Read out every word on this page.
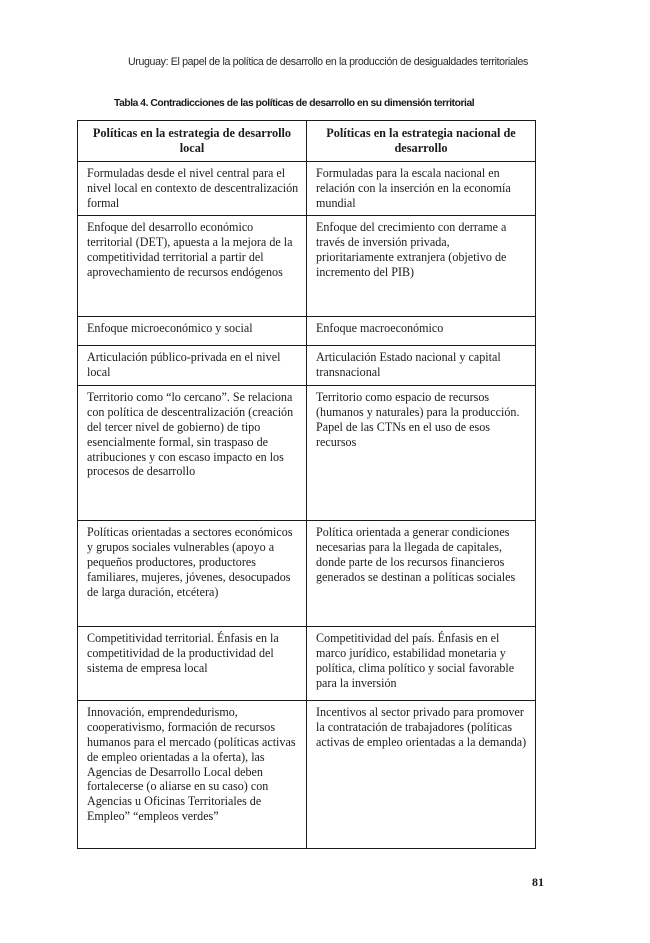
Uruguay: El papel de la política de desarrollo en la producción de desigualdades territoriales
Tabla 4. Contradicciones de las políticas de desarrollo en su dimensión territorial
Políticas en la estrategia de desarrollo local	Políticas en la estrategia nacional de desarrollo
Formuladas desde el nivel central para el nivel local en contexto de descentralización formal	Formuladas para la escala nacional en relación con la inserción en la economía mundial
Enfoque del desarrollo económico territorial (DET), apuesta a la mejora de la competitividad territorial a partir del aprovechamiento de recursos endógenos	Enfoque del crecimiento con derrame a través de inversión privada, prioritariamente extranjera (objetivo de incremento del PIB)
Enfoque microeconómico y social	Enfoque macroeconómico
Articulación público-privada en el nivel local	Articulación Estado nacional y capital transnacional
Territorio como “lo cercano”. Se relaciona con política de descentralización (creación del tercer nivel de gobierno) de tipo esencialmente formal, sin traspaso de atribuciones y con escaso impacto en los procesos de desarrollo	Territorio como espacio de recursos (humanos y naturales) para la producción. Papel de las CTNs en el uso de esos recursos
Políticas orientadas a sectores económicos y grupos sociales vulnerables (apoyo a pequeños productores, productores familiares, mujeres, jóvenes, desocupados de larga duración, etcétera)	Política orientada a generar condiciones necesarias para la llegada de capitales, donde parte de los recursos financieros generados se destinan a políticas sociales
Competitividad territorial. Énfasis en la competitividad de la productividad del sistema de empresa local	Competitividad del país. Énfasis en el marco jurídico, estabilidad monetaria y política, clima político y social favorable para la inversión
Innovación, emprendedurismo, cooperativismo, formación de recursos humanos para el mercado (políticas activas de empleo orientadas a la oferta), las Agencias de Desarrollo Local deben fortalecerse (o aliarse en su caso) con Agencias u Oficinas Territoriales de Empleo” “empleos verdes”	Incentivos al sector privado para promover la contratación de trabajadores (políticas activas de empleo orientadas a la demanda)
81
